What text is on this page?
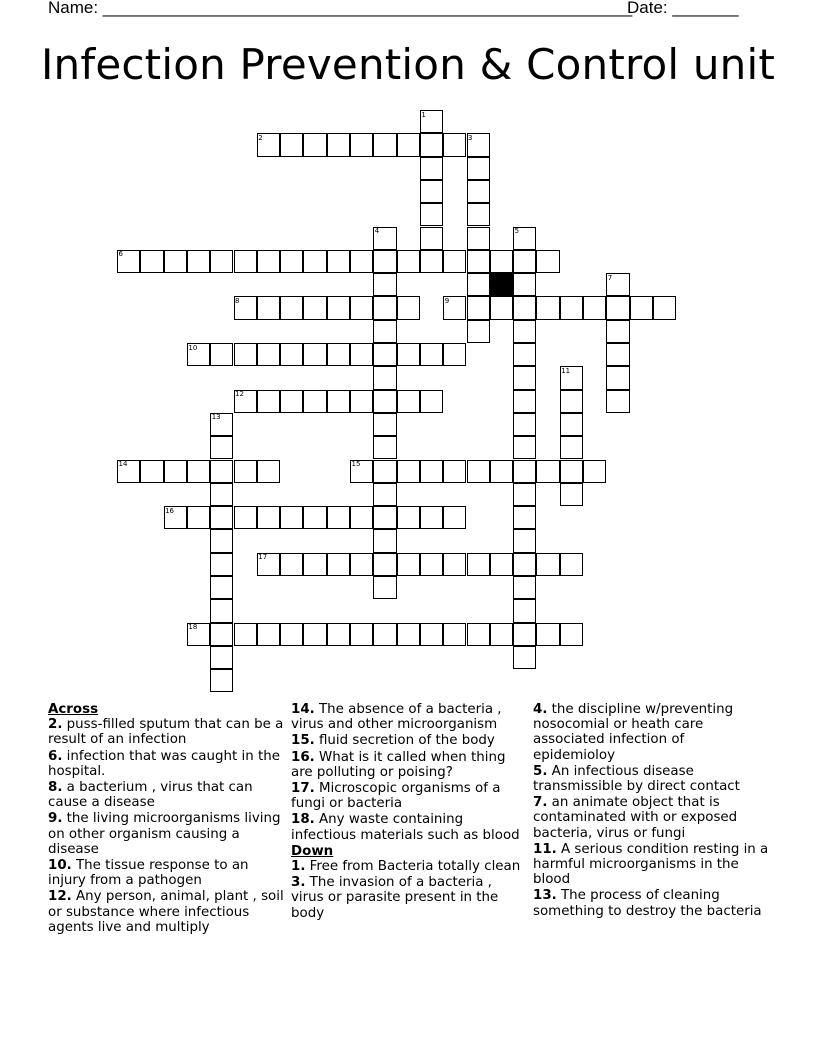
Name: ________________________________________________________
Date: _______
Infection Prevention & Control unit
1
2	3
4	5
6
7
8	9
10
11
12
13
14	15
16
17
18
Across
2. puss-filled sputum that can be a result of an infection
6. infection that was caught in the hospital.
8. a bacterium , virus that can cause a disease
9. the living microorganisms living on other organism causing a disease
10. The tissue response to an injury from a pathogen
12. Any person, animal, plant , soil or substance where infectious agents live and multiply
14. The absence of a bacteria , virus and other microorganism
15. fluid secretion of the body
16. What is it called when thing are polluting or poising?
17. Microscopic organisms of a fungi or bacteria
18. Any waste containing infectious materials such as blood
Down
1. Free from Bacteria totally clean
3. The invasion of a bacteria , virus or parasite present in the body
4. the discipline w/preventing nosocomial or heath care associated infection of epidemioloy
5. An infectious disease transmissible by direct contact
7. an animate object that is contaminated with or exposed bacteria, virus or fungi
11. A serious condition resting in a harmful microorganisms in the blood
13. The process of cleaning something to destroy the bacteria
